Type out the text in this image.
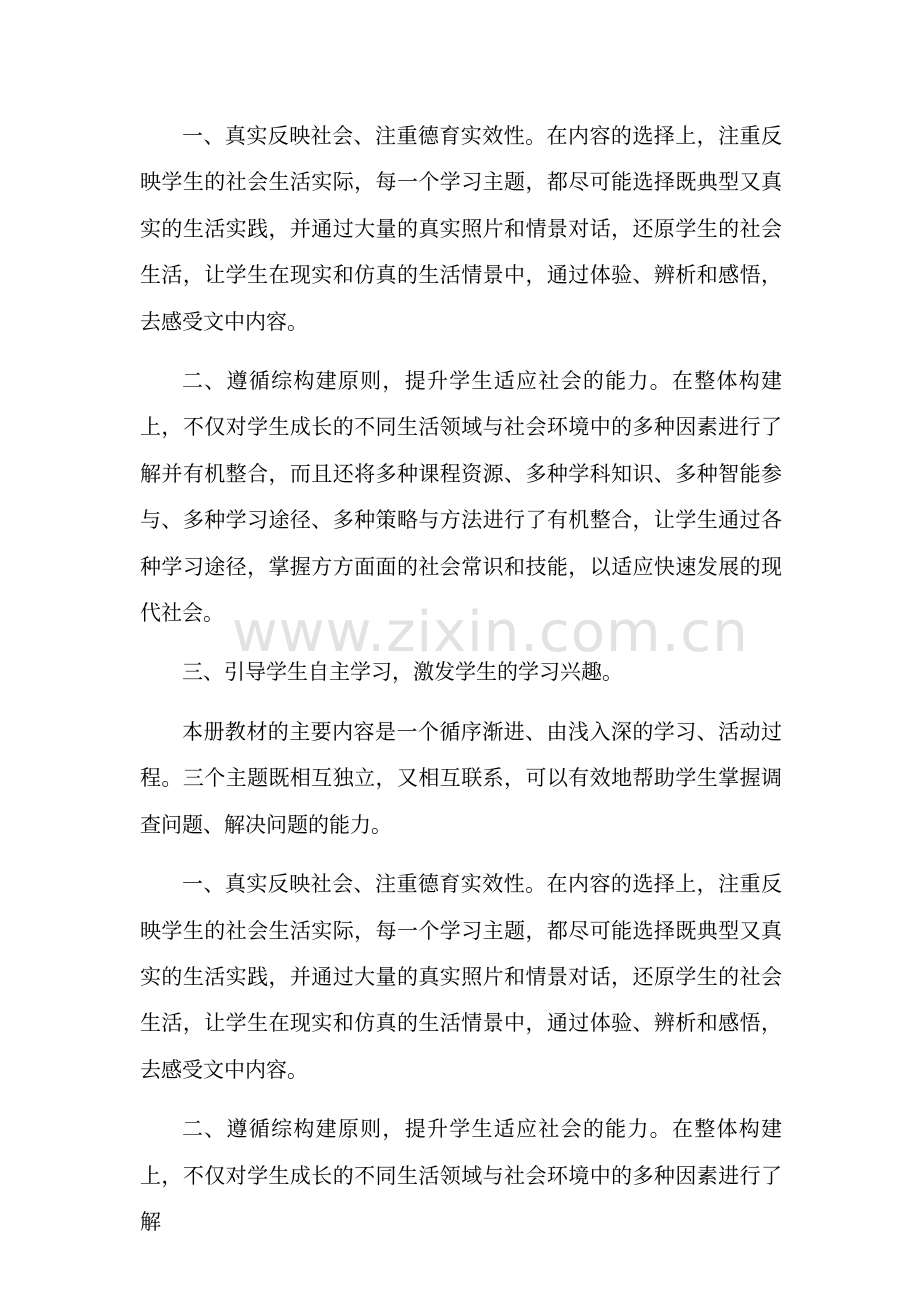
www.zixin.com.cn

一、真实反映社会、注重德育实效性。在内容的选择上，注重反映学生的社会生活实际，每一个学习主题，都尽可能选择既典型又真实的生活实践，并通过大量的真实照片和情景对话，还原学生的社会生活，让学生在现实和仿真的生活情景中，通过体验、辨析和感悟，去感受文中内容。

二、遵循综构建原则，提升学生适应社会的能力。在整体构建上，不仅对学生成长的不同生活领域与社会环境中的多种因素进行了解并有机整合，而且还将多种课程资源、多种学科知识、多种智能参与、多种学习途径、多种策略与方法进行了有机整合，让学生通过各种学习途径，掌握方方面面的社会常识和技能，以适应快速发展的现代社会。

三、引导学生自主学习，激发学生的学习兴趣。

本册教材的主要内容是一个循序渐进、由浅入深的学习、活动过程。三个主题既相互独立，又相互联系，可以有效地帮助学生掌握调查问题、解决问题的能力。

一、真实反映社会、注重德育实效性。在内容的选择上，注重反映学生的社会生活实际，每一个学习主题，都尽可能选择既典型又真实的生活实践，并通过大量的真实照片和情景对话，还原学生的社会生活，让学生在现实和仿真的生活情景中，通过体验、辨析和感悟，去感受文中内容。

二、遵循综构建原则，提升学生适应社会的能力。在整体构建上，不仅对学生成长的不同生活领域与社会环境中的多种因素进行了解
